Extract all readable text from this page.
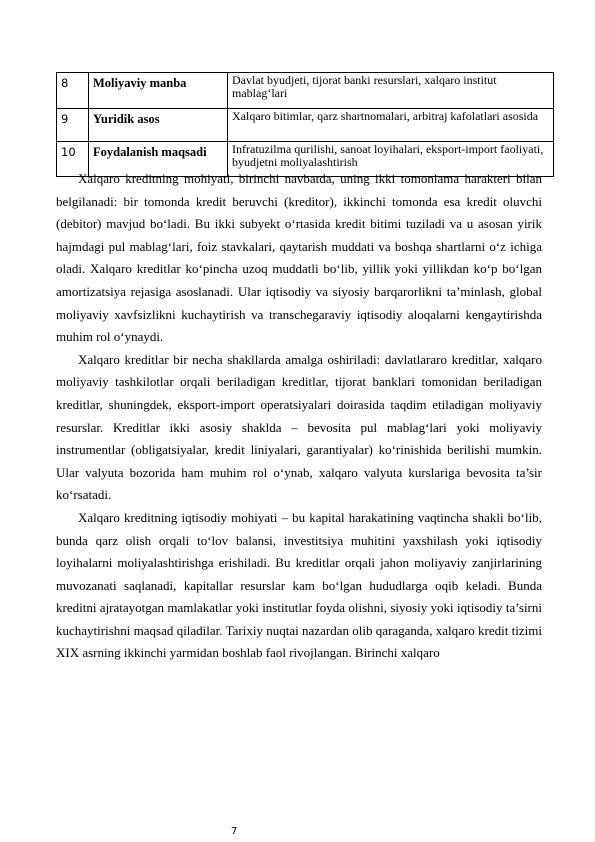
8	Moliyaviy manba	Davlat byudjeti, tijorat banki resurslari, xalqaro institut mablag‘lari
9	Yuridik asos	Xalqaro bitimlar, qarz shartnomalari, arbitraj kafolatlari asosida
10	Foydalanish maqsadi	Infratuzilma qurilishi, sanoat loyihalari, eksport-import faoliyati, byudjetni moliyalashtirish

Xalqaro kreditning mohiyati, birinchi navbatda, uning ikki tomonlama harakteri bilan belgilanadi: bir tomonda kredit beruvchi (kreditor), ikkinchi tomonda esa kredit oluvchi (debitor) mavjud bo‘ladi. Bu ikki subyekt o‘rtasida kredit bitimi tuziladi va u asosan yirik hajmdagi pul mablag‘lari, foiz stavkalari, qaytarish muddati va boshqa shartlarni o‘z ichiga oladi. Xalqaro kreditlar ko‘pincha uzoq muddatli bo‘lib, yillik yoki yillikdan ko‘p bo‘lgan amortizatsiya rejasiga asoslanadi. Ular iqtisodiy va siyosiy barqarorlikni ta’minlash, global moliyaviy xavfsizlikni kuchaytirish va transchegaraviy iqtisodiy aloqalarni kengaytirishda muhim rol o‘ynaydi.

Xalqaro kreditlar bir necha shakllarda amalga oshiriladi: davlatlararo kreditlar, xalqaro moliyaviy tashkilotlar orqali beriladigan kreditlar, tijorat banklari tomonidan beriladigan kreditlar, shuningdek, eksport-import operatsiyalari doirasida taqdim etiladigan moliyaviy resurslar. Kreditlar ikki asosiy shaklda – bevosita pul mablag‘lari yoki moliyaviy instrumentlar (obligatsiyalar, kredit liniyalari, garantiyalar) ko‘rinishida berilishi mumkin. Ular valyuta bozorida ham muhim rol o‘ynab, xalqaro valyuta kurslariga bevosita ta’sir ko‘rsatadi.

Xalqaro kreditning iqtisodiy mohiyati – bu kapital harakatining vaqtincha shakli bo‘lib, bunda qarz olish orqali to‘lov balansi, investitsiya muhitini yaxshilash yoki iqtisodiy loyihalarni moliyalashtirishga erishiladi. Bu kreditlar orqali jahon moliyaviy zanjirlarining muvozanati saqlanadi, kapitallar resurslar kam bo‘lgan hududlarga oqib keladi. Bunda kreditni ajratayotgan mamlakatlar yoki institutlar foyda olishni, siyosiy yoki iqtisodiy ta’sirni kuchaytirishni maqsad qiladilar. Tarixiy nuqtai nazardan olib qaraganda, xalqaro kredit tizimi XIX asrning ikkinchi yarmidan boshlab faol rivojlangan. Birinchi xalqaro

7
